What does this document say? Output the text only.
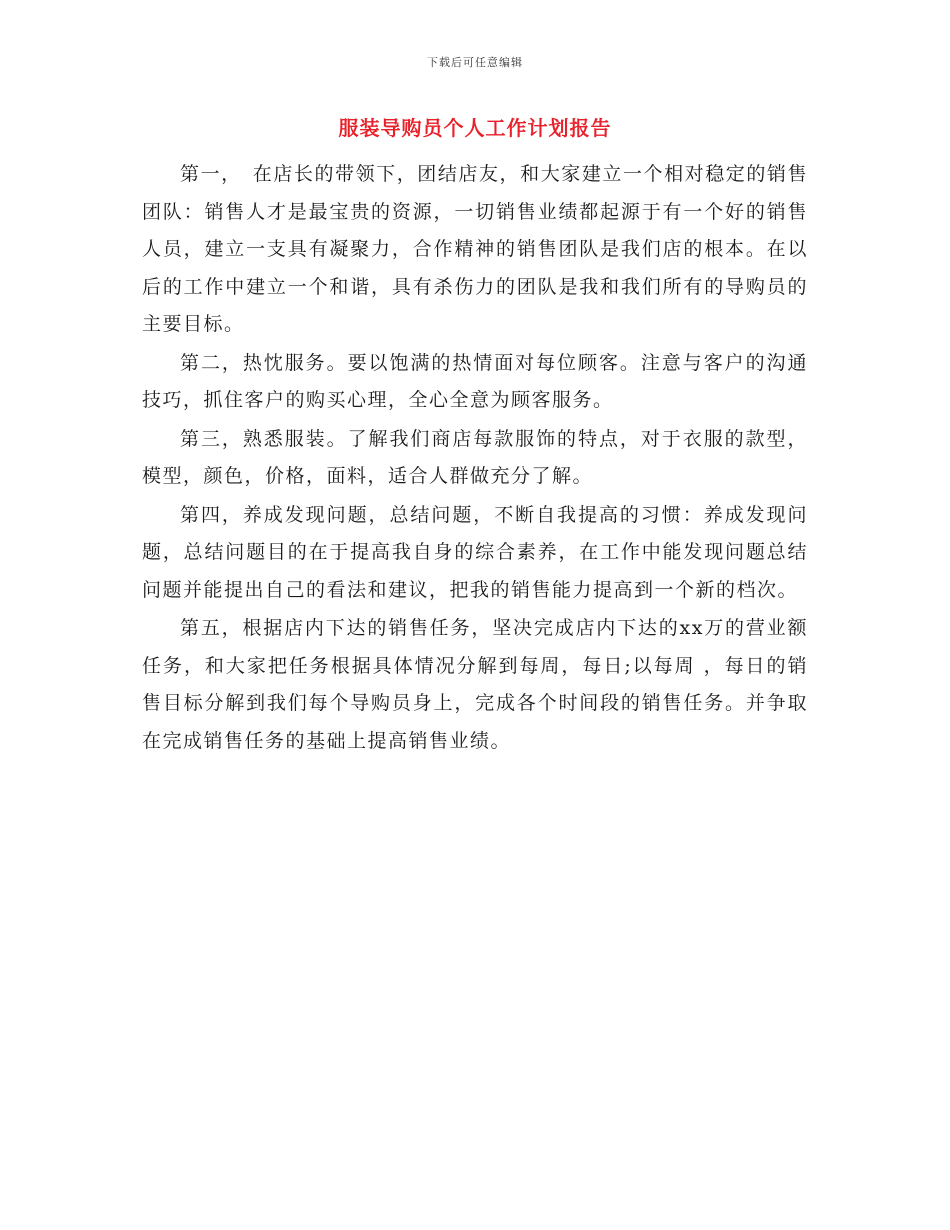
下载后可任意编辑
服装导购员个人工作计划报告

第一，　在店长的带领下，团结店友，和大家建立一个相对稳定的销售团队：销售人才是最宝贵的资源，一切销售业绩都起源于有一个好的销售人员，建立一支具有凝聚力，合作精神的销售团队是我们店的根本。在以后的工作中建立一个和谐，具有杀伤力的团队是我和我们所有的导购员的主要目标。

第二，热忱服务。要以饱满的热情面对每位顾客。注意与客户的沟通技巧，抓住客户的购买心理，全心全意为顾客服务。

第三，熟悉服装。了解我们商店每款服饰的特点，对于衣服的款型，模型，颜色，价格，面料，适合人群做充分了解。

第四，养成发现问题，总结问题，不断自我提高的习惯：养成发现问题，总结问题目的在于提高我自身的综合素养，在工作中能发现问题总结问题并能提出自己的看法和建议，把我的销售能力提高到一个新的档次。

第五，根据店内下达的销售任务，坚决完成店内下达的xx万的营业额任务，和大家把任务根据具体情况分解到每周，每日;以每周 ，每日的销售目标分解到我们每个导购员身上，完成各个时间段的销售任务。并争取在完成销售任务的基础上提高销售业绩。
